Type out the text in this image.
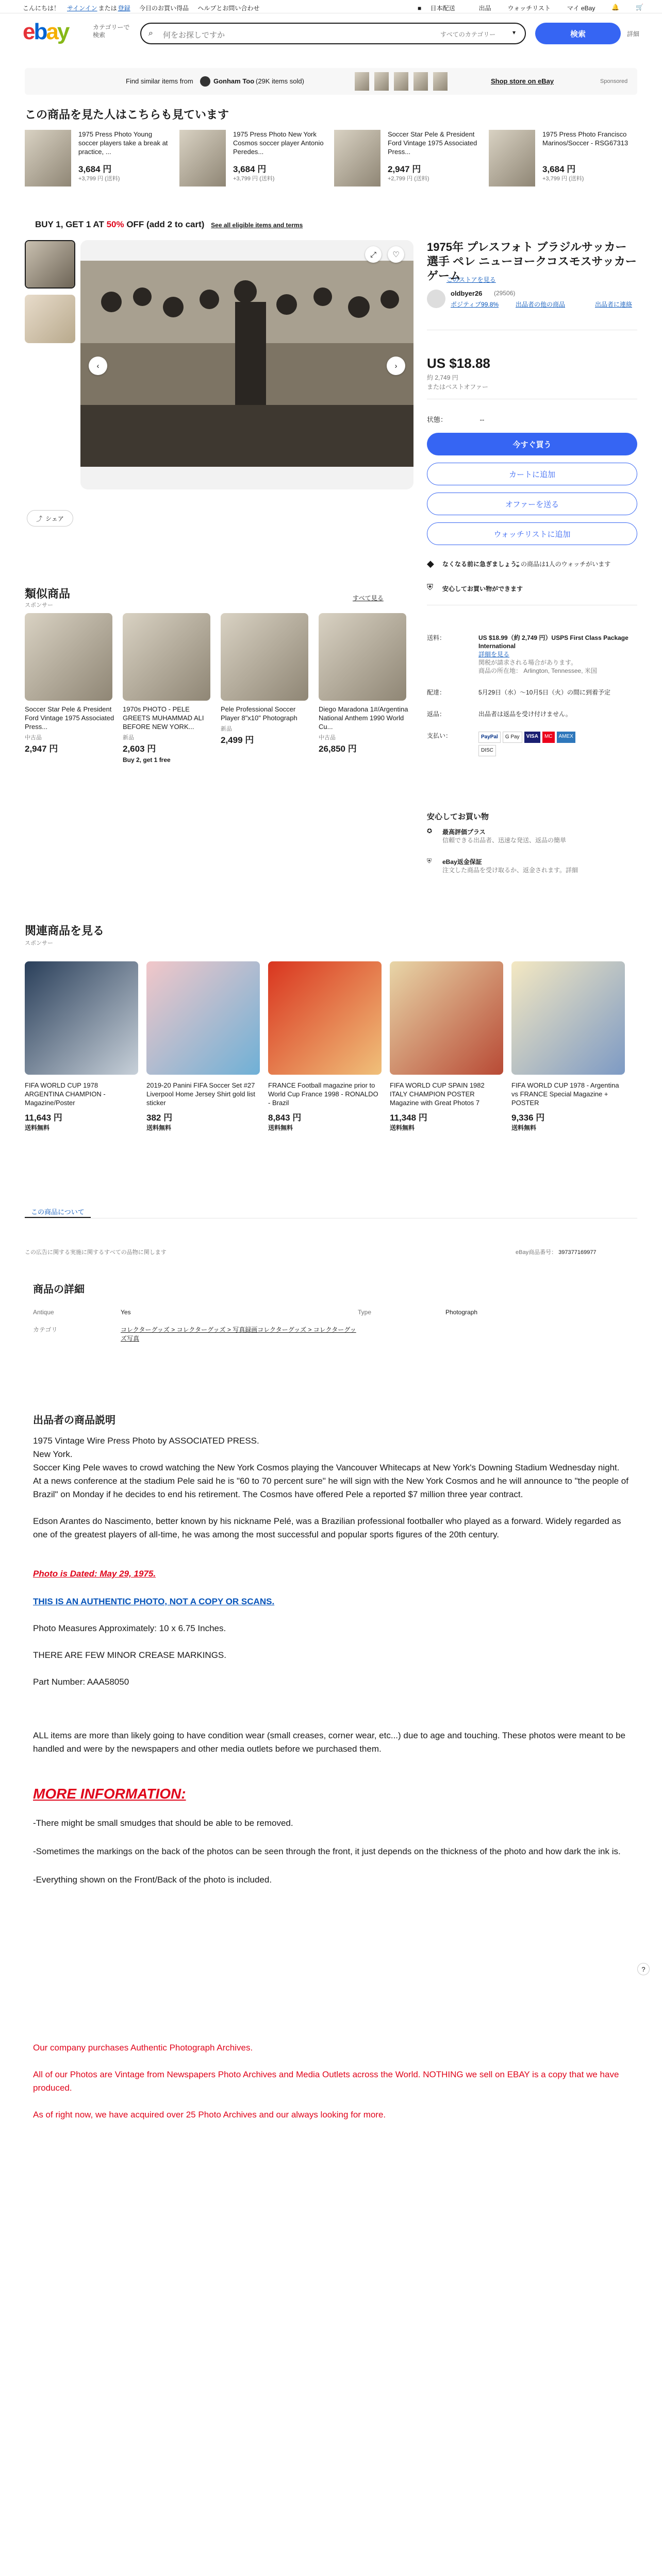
こんにちは！ サインイン または 登録 今日のお買い得品 ヘルプとお問い合わせ	■ 日本配送	出品	ウォッチリスト	マイ eBay	🔔	🛒
ebay	カテゴリーで検索	⌕ 何をお探しですか	すべてのカテゴリー	▾	検索	詳細
Find similar items from	Gonham Too (29K items sold)	Shop store on eBay	Sponsored
この商品を見た人はこちらも見ています
1975 Press Photo Young soccer players take a break at practice, ...
3,684 円
+3,799 円 (送料)
1975 Press Photo New York Cosmos soccer player Antonio Peredes...
3,684 円
+3,799 円 (送料)
Soccer Star Pele & President Ford Vintage 1975 Associated Press...
2,947 円
+2,799 円 (送料)
1975 Press Photo Francisco Marinos/Soccer - RSG67313
3,684 円
+3,799 円 (送料)
BUY 1, GET 1 AT 50% OFF (add 2 to cart) See all eligible items and terms
♡
⤢
‹	›
⤴ シェア
1975年 プレスフォト ブラジルサッカー選手 ペレ ニューヨークコスモスサッカー ゲーム
このストアを見る
oldbyer26 (29506)
ポジティブ99.8%	出品者の他の商品	出品者に連絡
US $18.88
約 2,749 円
またはベストオファー
状態：	--
今すぐ買う
カートに追加
オファーを送る
ウォッチリストに追加
◆ なくなる前に急ぎましょう。
この商品は1人のウォッチがいます
⛨ 安心してお買い物ができます
送料：	US $18.99（約 2,749 円）USPS First Class Package International
詳細を見る
関税が請求される場合があります。
商品の所在地： Arlington, Tennessee, 米国
配達：	5月29日（水）～10月5日（火）の間に到着予定
返品：	出品者は返品を受け付けません。
支払い：	PayPal	G Pay	VISA	MC	AMEX
DISC
安心してお買い物
✪ 最高評価プラス
信頼できる出品者、迅速な発送、返品の簡単
⛨ eBay返金保証
注文した商品を受け取るか、返金されます。詳細
類似商品
スポンサー
すべて見る
Soccer Star Pele & President Ford Vintage 1975 Associated Press...
中古品
2,947 円
1970s PHOTO - PELE GREETS MUHAMMAD ALI BEFORE NEW YORK...
新品
2,603 円
Buy 2, get 1 free
Pele Professional Soccer Player 8"x10" Photograph
新品
2,499 円
Diego Maradona 1#/Argentina National Anthem 1990 World Cu...
中古品
26,850 円
関連商品を見る
スポンサー
FIFA WORLD CUP 1978 ARGENTINA CHAMPION - Magazine/Poster
11,643 円
送料無料
2019-20 Panini FIFA Soccer Set #27 Liverpool Home Jersey Shirt gold list sticker
382 円
送料無料
FRANCE Football magazine prior to World Cup France 1998 - RONALDO - Brazil
8,843 円
送料無料
FIFA WORLD CUP SPAIN 1982 ITALY CHAMPION POSTER Magazine with Great Photos 7
11,348 円
送料無料
FIFA WORLD CUP 1978 - Argentina vs FRANCE Special Magazine + POSTER
9,336 円
送料無料
この商品について
この広告に関する実施に関するすべての品物に関します	eBay商品番号： 397377169977
商品の詳細
Antique	Yes	Type	Photograph
カテゴリ	コレクターグッズ > コレクターグッズ > 写真録画コレクターグッズ > コレクターグッズ写真
出品者の商品説明

1975 Vintage Wire Press Photo by ASSOCIATED PRESS.

New York.

Soccer King Pele waves to crowd watching the New York Cosmos playing the Vancouver Whitecaps at New York's Downing Stadium Wednesday night. At a news conference at the stadium Pele said he is "60 to 70 percent sure" he will sign with the New York Cosmos and he will announce to "the people of Brazil" on Monday if he decides to end his retirement. The Cosmos have offered Pele a reported $7 million three year contract.

Edson Arantes do Nascimento, better known by his nickname Pelé, was a Brazilian professional footballer who played as a forward. Widely regarded as one of the greatest players of all-time, he was among the most successful and popular sports figures of the 20th century.

Photo is Dated: May 29, 1975.

THIS IS AN AUTHENTIC PHOTO, NOT A COPY OR SCANS.

Photo Measures Approximately: 10 x 6.75 Inches.

THERE ARE FEW MINOR CREASE MARKINGS.

Part Number: AAA58050

ALL items are more than likely going to have condition wear (small creases, corner wear, etc...) due to age and touching. These photos were meant to be handled and were by the newspapers and other media outlets before we purchased them.

MORE INFORMATION:

-There might be small smudges that should be able to be removed.

-Sometimes the markings on the back of the photos can be seen through the front, it just depends on the thickness of the photo and how dark the ink is.

-Everything shown on the Front/Back of the photo is included.

Our company purchases Authentic Photograph Archives.

All of our Photos are Vintage from Newspapers Photo Archives and Media Outlets across the World. NOTHING we sell on EBAY is a copy that we have produced.

As of right now, we have acquired over 25 Photo Archives and our always looking for more.

?
